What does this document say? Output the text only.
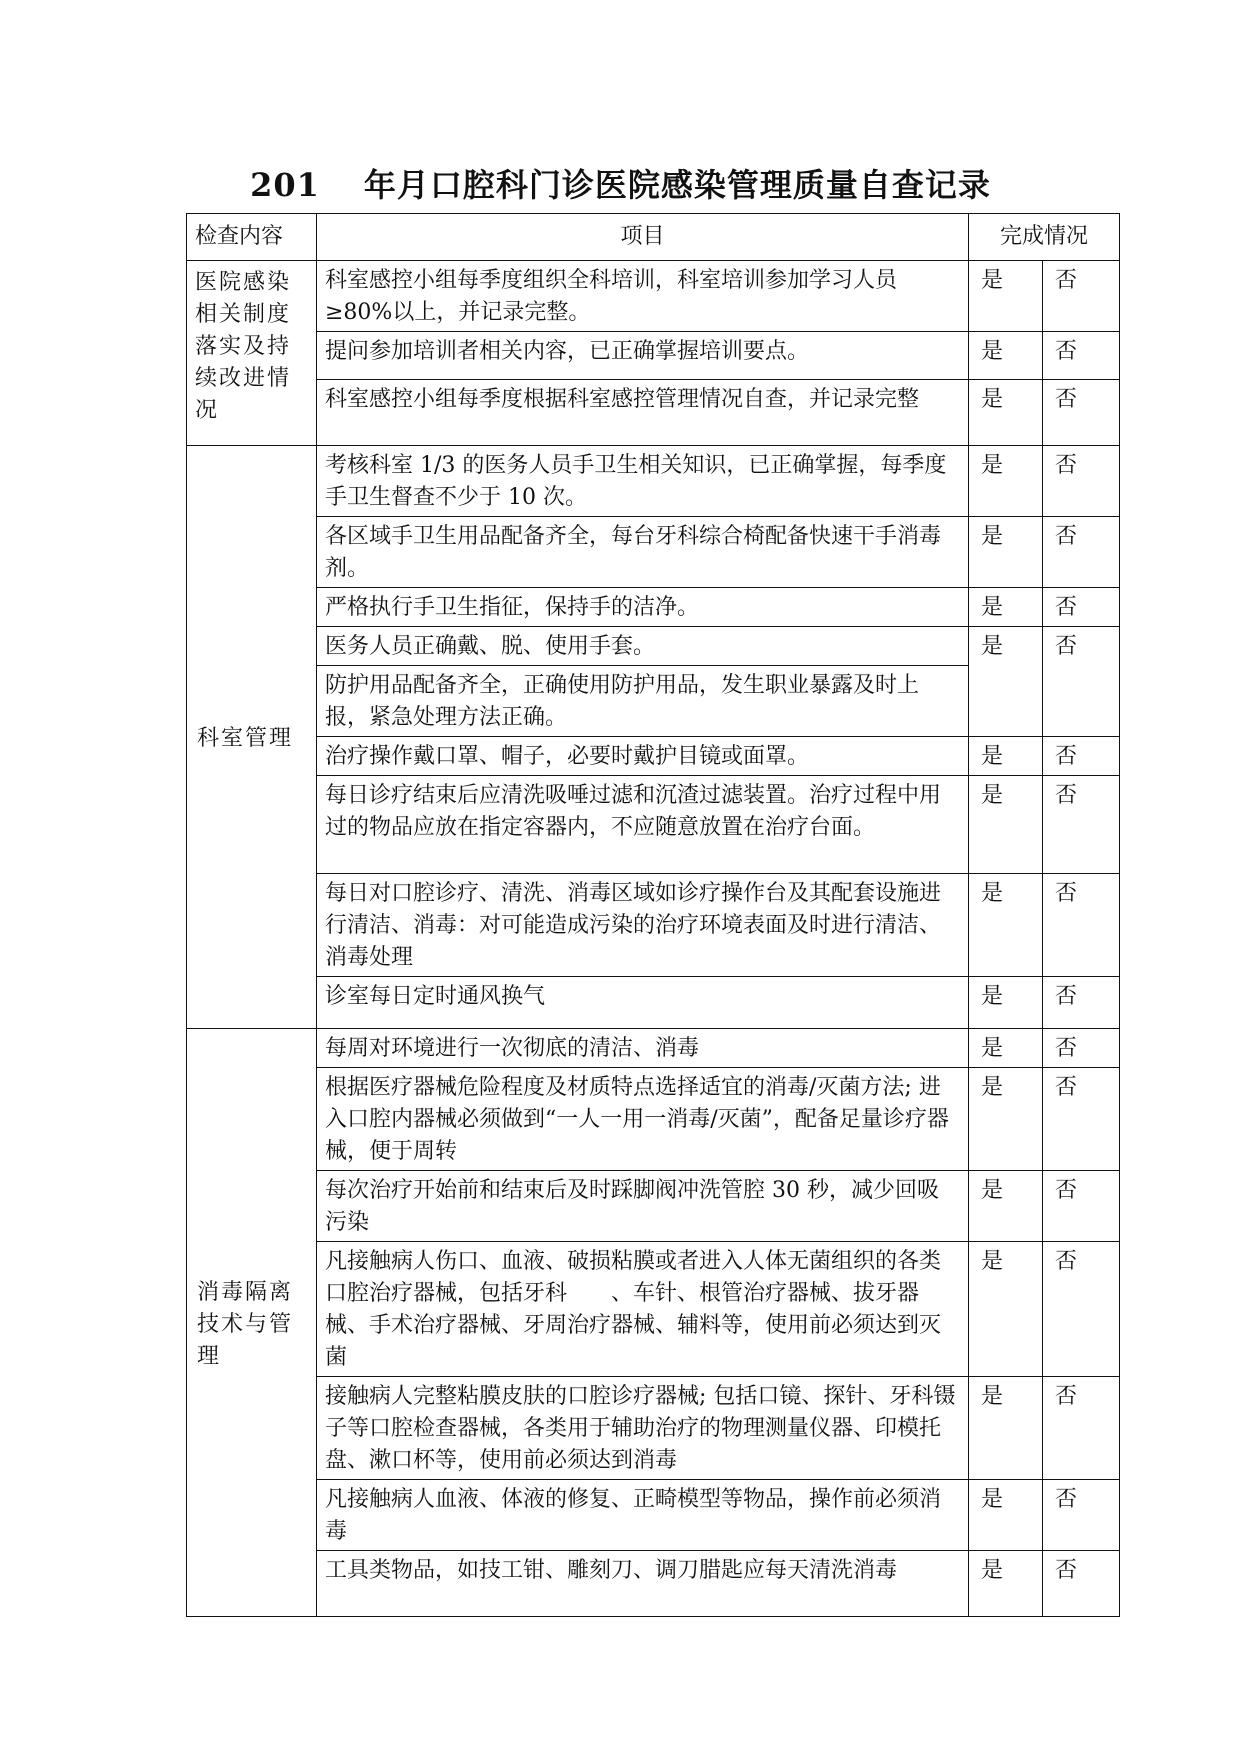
201 年月口腔科门诊医院感染管理质量自查记录
检查内容	项目	完成情况	
医院感染相关制度落实及持续改进情况	科室感控小组每季度组织全科培训，科室培训参加学习人员≥80%以上，并记录完整。	是	否
	提问参加培训者相关内容，已正确掌握培训要点。	是	否
	科室感控小组每季度根据科室感控管理情况自查，并记录完整	是	否
科室管理	考核科室 1/3 的医务人员手卫生相关知识，已正确掌握，每季度手卫生督查不少于 10 次。	是	否
	各区域手卫生用品配备齐全，每台牙科综合椅配备快速干手消毒剂。	是	否
	严格执行手卫生指征，保持手的洁净。	是	否
	医务人员正确戴、脱、使用手套。	是	否
	防护用品配备齐全，正确使用防护用品，发生职业暴露及时上报，紧急处理方法正确。		
	治疗操作戴口罩、帽子，必要时戴护目镜或面罩。	是	否
	每日诊疗结束后应清洗吸唾过滤和沉渣过滤装置。治疗过程中用过的物品应放在指定容器内，不应随意放置在治疗台面。	是	否
	每日对口腔诊疗、清洗、消毒区域如诊疗操作台及其配套设施进行清洁、消毒：对可能造成污染的治疗环境表面及时进行清洁、消毒处理	是	否
	诊室每日定时通风换气	是	否
消毒隔离技术与管理	每周对环境进行一次彻底的清洁、消毒	是	否
	根据医疗器械危险程度及材质特点选择适宜的消毒/灭菌方法; 进入口腔内器械必须做到“一人一用一消毒/灭菌”，配备足量诊疗器械，便于周转	是	否
	每次治疗开始前和结束后及时踩脚阀冲洗管腔 30 秒，减少回吸污染	是	否
	凡接触病人伤口、血液、破损粘膜或者进入人体无菌组织的各类口腔治疗器械，包括牙科　　、车针、根管治疗器械、拔牙器械、手术治疗器械、牙周治疗器械、辅料等，使用前必须达到灭菌	是	否
	接触病人完整粘膜皮肤的口腔诊疗器械; 包括口镜、探针、牙科镊子等口腔检查器械，各类用于辅助治疗的物理测量仪器、印模托盘、漱口杯等，使用前必须达到消毒	是	否
	凡接触病人血液、体液的修复、正畸模型等物品，操作前必须消毒	是	否
	工具类物品，如技工钳、雕刻刀、调刀腊匙应每天清洗消毒	是	否
